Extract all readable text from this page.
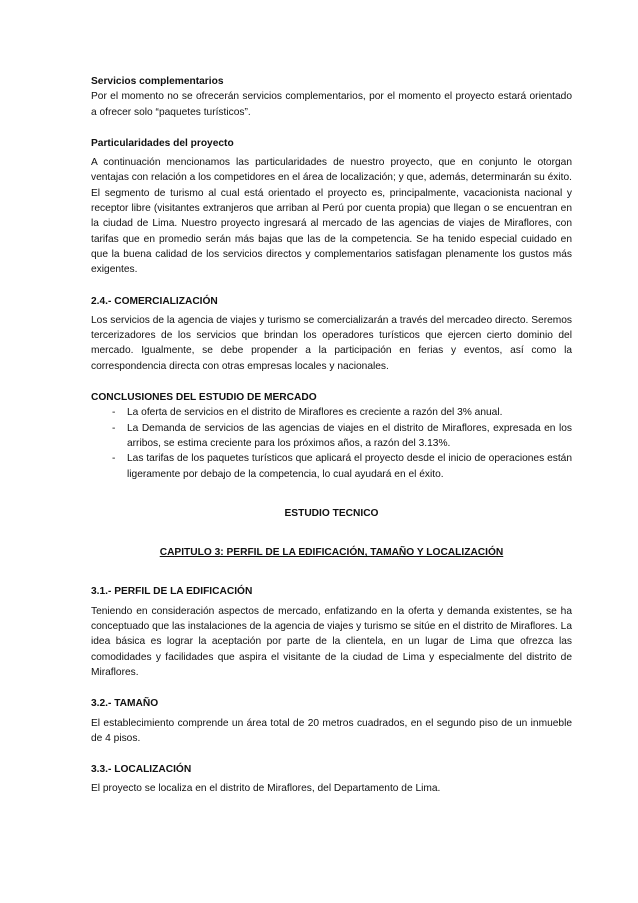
Servicios complementarios

Por el momento no se ofrecerán servicios complementarios, por el momento el proyecto estará orientado a ofrecer solo “paquetes turísticos”.

Particularidades del proyecto

A continuación mencionamos las particularidades de nuestro proyecto, que en conjunto le otorgan ventajas con relación a los competidores en el área de localización; y que, además, determinarán su éxito. El segmento de turismo al cual está orientado el proyecto es, principalmente, vacacionista nacional y receptor libre (visitantes extranjeros que arriban al Perú por cuenta propia) que llegan o se encuentran en la ciudad de Lima. Nuestro proyecto ingresará al mercado de las agencias de viajes de Miraflores, con tarifas que en promedio serán más bajas que las de la competencia. Se ha tenido especial cuidado en que la buena calidad de los servicios directos y complementarios satisfagan plenamente los gustos más exigentes.

2.4.- COMERCIALIZACIÓN

Los servicios de la agencia de viajes y turismo se comercializarán a través del mercadeo directo. Seremos tercerizadores de los servicios que brindan los operadores turísticos que ejercen cierto dominio del mercado. Igualmente, se debe propender a la participación en ferias y eventos, así como la correspondencia directa con otras empresas locales y nacionales.

CONCLUSIONES DEL ESTUDIO DE MERCADO

- La oferta de servicios en el distrito de Miraflores es creciente a razón del 3% anual.
- La Demanda de servicios de las agencias de viajes en el distrito de Miraflores, expresada en los arribos, se estima creciente para los próximos años, a razón del 3.13%.
- Las tarifas de los paquetes turísticos que aplicará el proyecto desde el inicio de operaciones están ligeramente por debajo de la competencia, lo cual ayudará en el éxito.

ESTUDIO TECNICO

CAPITULO 3: PERFIL DE LA EDIFICACIÓN, TAMAÑO Y LOCALIZACIÓN

3.1.- PERFIL DE LA EDIFICACIÓN

Teniendo en consideración aspectos de mercado, enfatizando en la oferta y demanda existentes, se ha conceptuado que las instalaciones de la agencia de viajes y turismo se sitúe en el distrito de Miraflores. La idea básica es lograr la aceptación por parte de la clientela, en un lugar de Lima que ofrezca las comodidades y facilidades que aspira el visitante de la ciudad de Lima y especialmente del distrito de Miraflores.

3.2.- TAMAÑO

El establecimiento comprende un área total de 20 metros cuadrados, en el segundo piso de un inmueble de 4 pisos.

3.3.- LOCALIZACIÓN

El proyecto se localiza en el distrito de Miraflores, del Departamento de Lima.
